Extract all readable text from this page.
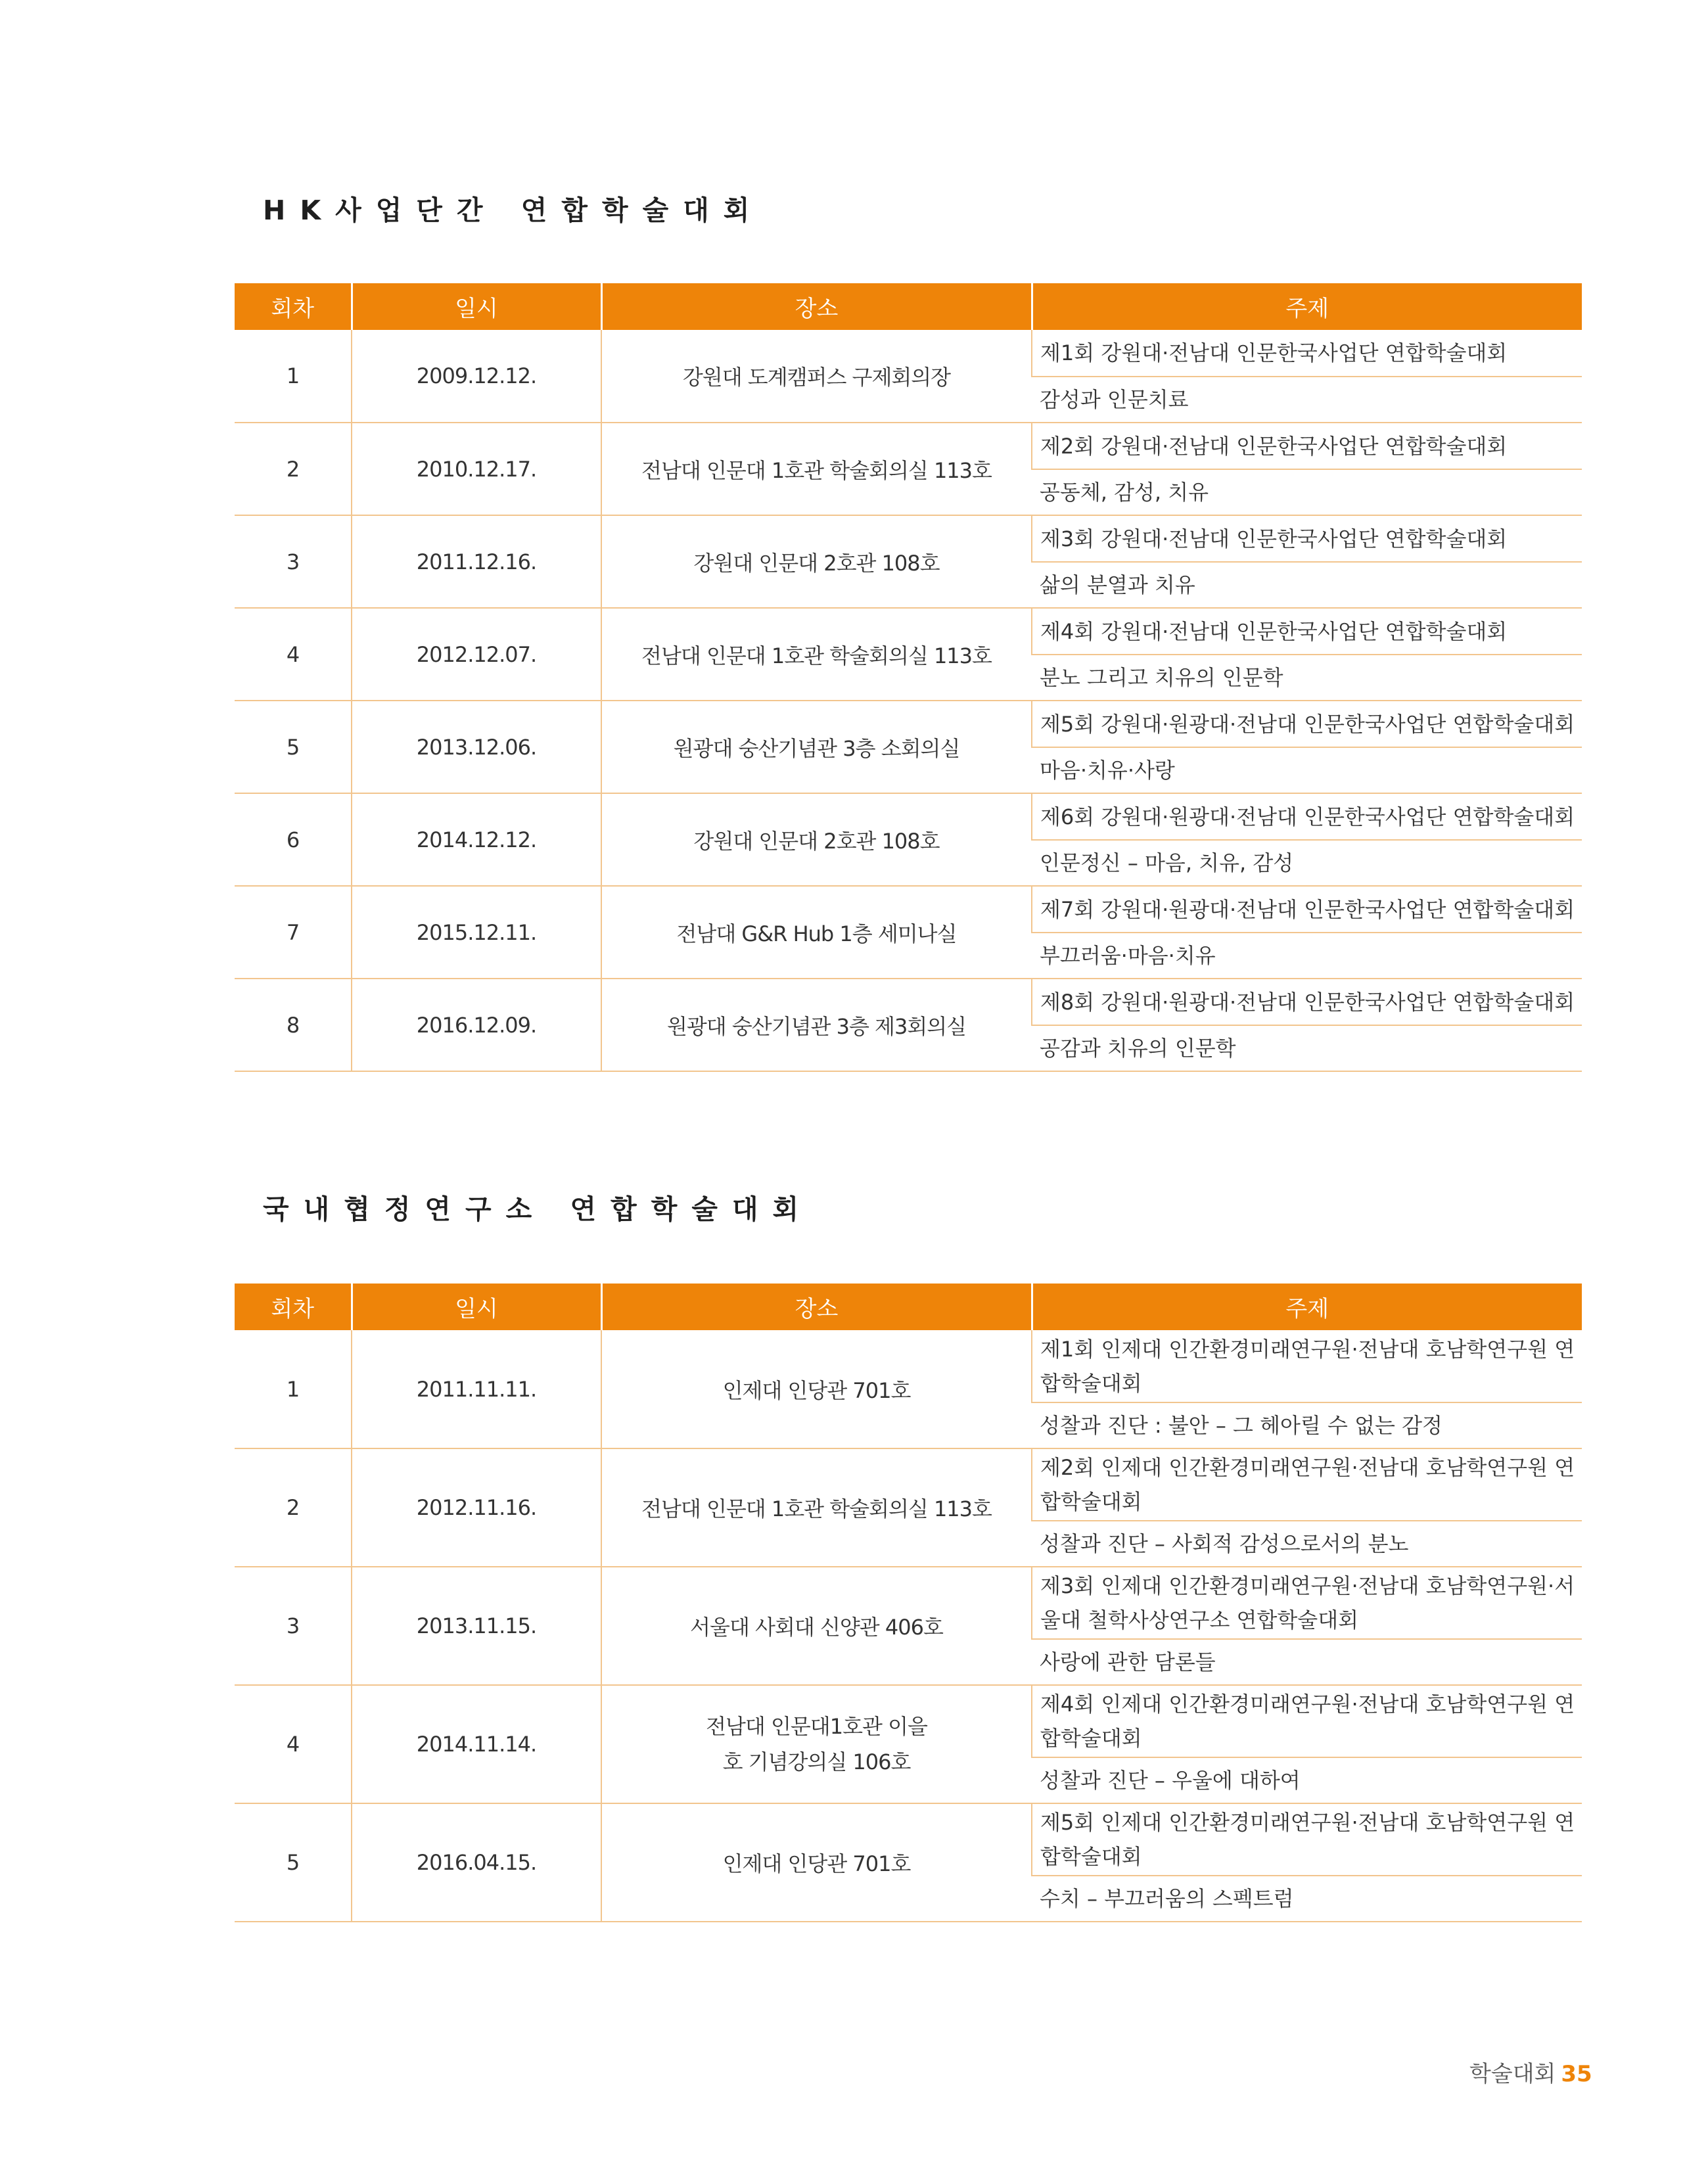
HK사업단간 연합학술대회
회차	일시	장소	주제
1	2009.12.12.	강원대 도계캠퍼스 구제회의장	제1회 강원대·전남대 인문한국사업단 연합학술대회
			감성과 인문치료
2	2010.12.17.	전남대 인문대 1호관 학술회의실 113호	제2회 강원대·전남대 인문한국사업단 연합학술대회
			공동체, 감성, 치유
3	2011.12.16.	강원대 인문대 2호관 108호	제3회 강원대·전남대 인문한국사업단 연합학술대회
			삶의 분열과 치유
4	2012.12.07.	전남대 인문대 1호관 학술회의실 113호	제4회 강원대·전남대 인문한국사업단 연합학술대회
			분노 그리고 치유의 인문학
5	2013.12.06.	원광대 숭산기념관 3층 소회의실	제5회 강원대·원광대·전남대 인문한국사업단 연합학술대회
			마음·치유·사랑
6	2014.12.12.	강원대 인문대 2호관 108호	제6회 강원대·원광대·전남대 인문한국사업단 연합학술대회
			인문정신 – 마음, 치유, 감성
7	2015.12.11.	전남대 G&R Hub 1층 세미나실	제7회 강원대·원광대·전남대 인문한국사업단 연합학술대회
			부끄러움·마음·치유
8	2016.12.09.	원광대 숭산기념관 3층 제3회의실	제8회 강원대·원광대·전남대 인문한국사업단 연합학술대회
			공감과 치유의 인문학
국내협정연구소 연합학술대회
회차	일시	장소	주제
1	2011.11.11.	인제대 인당관 701호	제1회 인제대 인간환경미래연구원·전남대 호남학연구원 연합학술대회
			성찰과 진단 : 불안 – 그 헤아릴 수 없는 감정
2	2012.11.16.	전남대 인문대 1호관 학술회의실 113호	제2회 인제대 인간환경미래연구원·전남대 호남학연구원 연합학술대회
			성찰과 진단 – 사회적 감성으로서의 분노
3	2013.11.15.	서울대 사회대 신양관 406호	제3회 인제대 인간환경미래연구원·전남대 호남학연구원·서울대 철학사상연구소 연합학술대회
			사랑에 관한 담론들
4	2014.11.14.	전남대 인문대1호관 이을호 기념강의실 106호	제4회 인제대 인간환경미래연구원·전남대 호남학연구원 연합학술대회
			성찰과 진단 – 우울에 대하여
5	2016.04.15.	인제대 인당관 701호	제5회 인제대 인간환경미래연구원·전남대 호남학연구원 연합학술대회
			수치 – 부끄러움의 스펙트럼
학술대회 35
